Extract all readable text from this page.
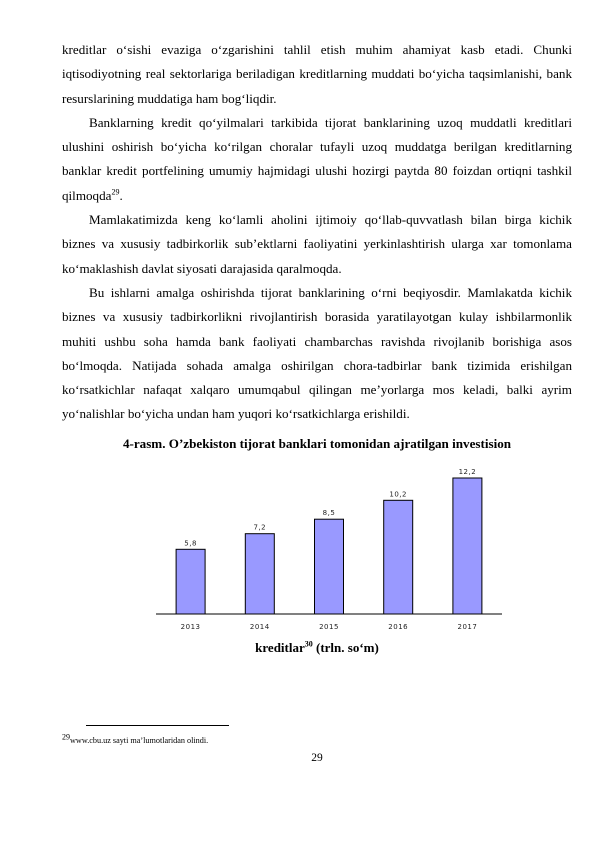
kreditlar o‘sishi evaziga o‘zgarishini tahlil etish muhim ahamiyat kasb etadi. Chunki iqtisodiyotning real sektorlariga beriladigan kreditlarning muddati bo‘yicha taqsimlanishi, bank resurslarining muddatiga ham bog‘liqdir.

Banklarning kredit qo‘yilmalari tarkibida tijorat banklarining uzoq muddatli kreditlari ulushini oshirish bo‘yicha ko‘rilgan choralar tufayli uzoq muddatga berilgan kreditlarning banklar kredit portfelining umumiy hajmidagi ulushi hozirgi paytda 80 foizdan ortiqni tashkil qilmoqda$^{29}$.

Mamlakatimizda keng ko‘lamli aholini ijtimoiy qo‘llab-quvvatlash bilan birga kichik biznes va xususiy tadbirkorlik sub’ektlarni faoliyatini yerkinlashtirish ularga xar tomonlama ko‘maklashish davlat siyosati darajasida qaralmoqda.

Bu ishlarni amalga oshirishda tijorat banklarining o‘rni beqiyosdir. Mamlakatda kichik biznes va xususiy tadbirkorlikni rivojlantirish borasida yaratilayotgan kulay ishbilarmonlik muhiti ushbu soha hamda bank faoliyati chambarchas ravishda rivojlanib borishiga asos bo‘lmoqda. Natijada sohada amalga oshirilgan chora-tadbirlar bank tizimida erishilgan ko‘rsatkichlar nafaqat xalqaro umumqabul qilingan me’yorlarga mos keladi, balki ayrim yo‘nalishlar bo‘yicha undan ham yuqori ko‘rsatkichlarga erishildi.

4-rasm. O’zbekiston tijorat banklari tomonidan ajratilgan investision
5,8
2013
7,2
2014
8,5
2015
10,2
2016
12,2
2017
kreditlar$^{30}$ (trln. so‘m)
$^{29}$www.cbu.uz sayti ma’lumotlaridan olindi.
29
